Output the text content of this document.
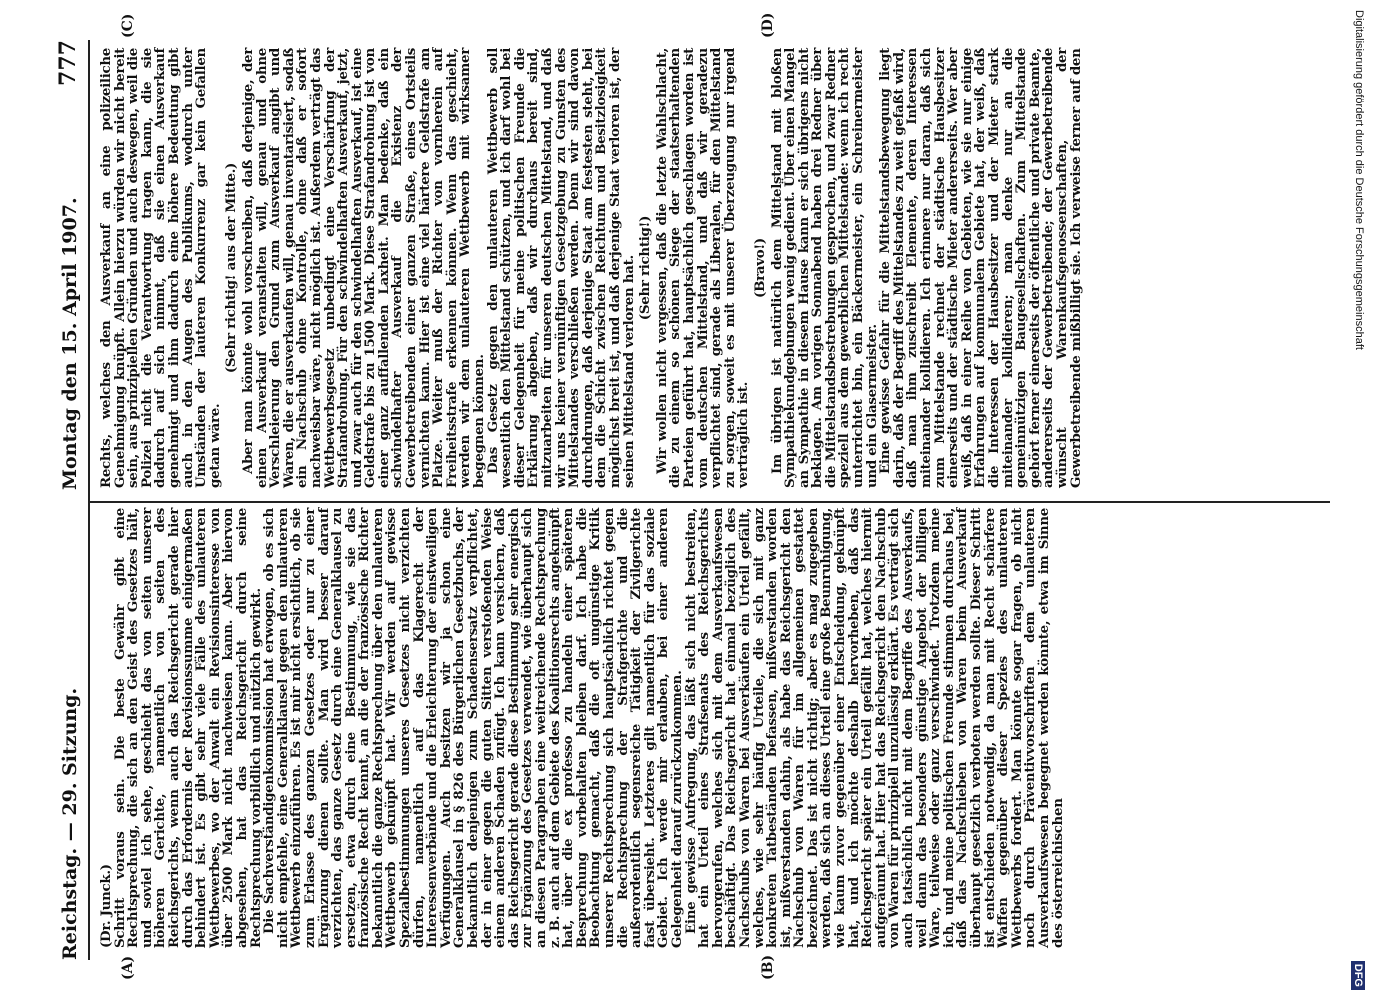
Reichstag. — 29. Sitzung.
Montag den 15. April 1907.
777
(A)	(B)
(C)	(D)

(Dr. Junck.)

Schritt voraus sein. Die beste Gewähr gibt eine Rechtsprechung, die sich an den Geist des Gesetzes hält, und soviel ich sehe, geschieht das von seiten unserer höheren Gerichte, namentlich von seiten des Reichsgerichts, wenn auch das Reichsgericht gerade hier durch das Erfordernis der Revisionssumme einigermaßen behindert ist. Es gibt sehr viele Fälle des unlauteren Wettbewerbes, wo der Anwalt ein Revisionsinteresse von über 2500 Mark nicht nachweisen kann. Aber hiervon abgesehen, hat das Reichsgericht durch seine Rechtsprechung vorbildlich und nützlich gewirkt.

Die Sachverständigenkommission hat erwogen, ob es sich nicht empfehle, eine Generalklausel gegen den unlauteren Wettbewerb einzuführen. Es ist mir nicht ersichtlich, ob sie zum Erlasse des ganzen Gesetzes oder nur zu einer Ergänzung dienen sollte. Man wird besser darauf verzichten, das ganze Gesetz durch eine Generalklausel zu ersetzen, etwa durch eine Bestimmung, wie sie das französische Recht kennt, an die der französische Richter bekanntlich die ganze Rechtsprechung über den unlauteren Wettbewerb geknüpft hat. Wir werden auf gewisse Spezialbestimmungen unseres Gesetzes nicht verzichten dürfen, namentlich auf das Klagerecht der Interessenverbände und die Erleichterung der einstweiligen Verfügungen. Auch besitzen wir ja schon eine Generalklausel in § 826 des Bürgerlichen Gesetzbuchs, der bekanntlich denjenigen zum Schadensersatz verpflichtet, der in einer gegen die guten Sitten verstoßenden Weise einem anderen Schaden zufügt. Ich kann versichern, daß das Reichsgericht gerade diese Bestimmung sehr energisch zur Ergänzung des Gesetzes verwendet, wie überhaupt sich an diesen Paragraphen eine weitreichende Rechtsprechung z. B. auch auf dem Gebiete des Koalitionsrechts angeknüpft hat, über die ex professo zu handeln einer späteren Besprechung vorbehalten bleiben darf. Ich habe die Beobachtung gemacht, daß die oft ungünstige Kritik unserer Rechtsprechung sich hauptsächlich richtet gegen die Rechtsprechung der Strafgerichte und die außerordentlich segensreiche Tätigkeit der Zivilgerichte fast übersieht. Letzteres gilt namentlich für das soziale Gebiet. Ich werde mir erlauben, bei einer anderen Gelegenheit darauf zurückzukommen.

Eine gewisse Aufregung, das läßt sich nicht bestreiten, hat ein Urteil eines Strafsenats des Reichsgerichts hervorgerufen, welches sich mit dem Ausverkaufswesen beschäftigt. Das Reichsgericht hat einmal bezüglich des Nachschubs von Waren bei Ausverkäufen ein Urteil gefällt, welches, wie sehr häufig Urteile, die sich mit ganz konkreten Tatbeständen befassen, mißverstanden worden ist, mißverstanden dahin, als habe das Reichsgericht den Nachschub von Waren für im allgemeinen gestattet bezeichnet. Das ist nicht richtig; aber es mag zugegeben werden, daß sich an dieses Urteil eine große Beunruhigung, wie kaum zuvor gegenüber einer Entscheidung, geknüpft hat, und ich möchte deshalb hervorheben, daß das Reichsgericht später ein Urteil gefällt hat, welches hiermit aufgeräumt hat. Hier hat das Reichsgericht den Nachschub von Waren für prinzipiell unzulässig erklärt. Es verträgt sich auch tatsächlich nicht mit dem Begriffe des Ausverkaufs, weil dann das besonders günstige Angebot der billigen Ware, teilweise oder ganz verschwindet. Trotzdem meine ich, und meine politischen Freunde stimmen durchaus bei, daß das Nachschieben von Waren beim Ausverkauf überhaupt gesetzlich verboten werden sollte. Dieser Schritt ist entschieden notwendig, da man mit Recht schärfere Waffen gegenüber dieser Spezies des unlauteren Wettbewerbs fordert. Man könnte sogar fragen, ob nicht noch durch Präventivvorschriften dem unlauteren Ausverkaufswesen begegnet werden könnte, etwa im Sinne des österreichischen

Rechts, welches den Ausverkauf an eine polizeiliche Genehmigung knüpft. Allein hierzu würden wir nicht bereit sein, aus prinzipiellen Gründen und auch deswegen, weil die Polizei nicht die Verantwortung tragen kann, die sie dadurch auf sich nimmt, daß sie einen Ausverkauf genehmigt und ihm dadurch eine höhere Bedeutung gibt auch in den Augen des Publikums, wodurch unter Umständen der lauteren Konkurrenz gar kein Gefallen getan wäre.

(Sehr richtig! aus der Mitte.) Aber man könnte wohl vorschreiben, daß derjenige, der einen Ausverkauf veranstalten will, genau und ohne Verschleierung den Grund zum Ausverkauf angibt und Waren, die er ausverkaufen will, genau inventarisiert, sodaß ein Nachschub ohne Kontrolle, ohne daß er sofort nachweisbar wäre, nicht möglich ist. Außerdem verträgt das Wettbewerbsgesetz unbedingt eine Verschärfung der Strafandrohung. Für den schwindelhaften Ausverkauf, jetzt, und zwar auch für den schwindelhaften Ausverkauf, ist eine Geldstrafe bis zu 1500 Mark. Diese Strafandrohung ist von einer ganz auffallenden Laxheit. Man bedenke, daß ein schwindelhafter Ausverkauf die Existenz der Gewerbetreibenden einer ganzen Straße, eines Ortsteils vernichten kann. Hier ist eine viel härtere Geldstrafe am Platze. Weiter muß der Richter von vornherein auf Freiheitsstrafe erkennen können. Wenn das geschieht, werden wir dem unlauteren Wettbewerb mit wirksamer begegnen können.

Das Gesetz gegen den unlauteren Wettbewerb soll wesentlich den Mittelstand schützen, und ich darf wohl bei dieser Gelegenheit für meine politischen Freunde die Erklärung abgeben, daß wir durchaus bereit sind, mitzuarbeiten für unseren deutschen Mittelstand, und daß wir uns keiner vernünftigen Gesetzgebung zu Gunsten des Mittelstandes verschließen werden. Denn wir sind davon durchdrungen, daß derjenige Staat am festesten steht, bei dem die Schicht zwischen Reichtum und Besitzlosigkeit möglichst breit ist, und daß derjenige Staat verloren ist, der seinen Mittelstand verloren hat. (Sehr richtig!) Wir wollen nicht vergessen, daß die letzte Wahlschlacht, die zu einem so schönen Siege der staatserhaltenden Parteien geführt hat, hauptsächlich geschlagen worden ist vom deutschen Mittelstand, und daß wir geradezu verpflichtet sind, gerade als Liberalen, für den Mittelstand zu sorgen, soweit es mit unserer Überzeugung nur irgend verträglich ist.

(Bravo!) Im übrigen ist natürlich dem Mittelstand mit bloßen Sympathiekundgebungen wenig gedient. Über einen Mangel an Sympathie in diesem Hause kann er sich übrigens nicht beklagen. Am vorigen Sonnabend haben drei Redner über die Mittelstandsbestrebungen gesprochen, und zwar Redner speziell aus dem gewerblichen Mittelstande: wenn ich recht unterrichtet bin, ein Bäckermeister, ein Schreinermeister und ein Glasermeister.

Eine gewisse Gefahr für die Mittelstandsbewegung liegt darin, daß der Begriff des Mittelstandes zu weit gefaßt wird, daß man ihm zuschreibt Elemente, deren Interessen miteinander kollidieren. Ich erinnere nur daran, daß sich zum Mittelstande rechnet der städtische Hausbesitzer einerseits und der städtische Mieter andererseits. Wer aber weiß, daß in einer Reihe von Gebieten, wie sie nur einige Erfahrungen auf kommunalem Gebiete hat, der weiß, daß die Interessen der Hausbesitzer und der Mieter stark miteinander kollidieren; man denke nur an die gemeinnützigen Baugesellschaften. Zum Mittelstande gehört ferner einerseits der öffentliche und private Beamte, andererseits der Gewerbetreibende; der Gewerbetreibende wünscht Warenkaufsgenossenschaften, der Gewerbetreibende mißbilligt sie. Ich verweise ferner auf den	Digitalisierung gefördert durch die Deutsche Forschungsgemeinschaft
DFG
